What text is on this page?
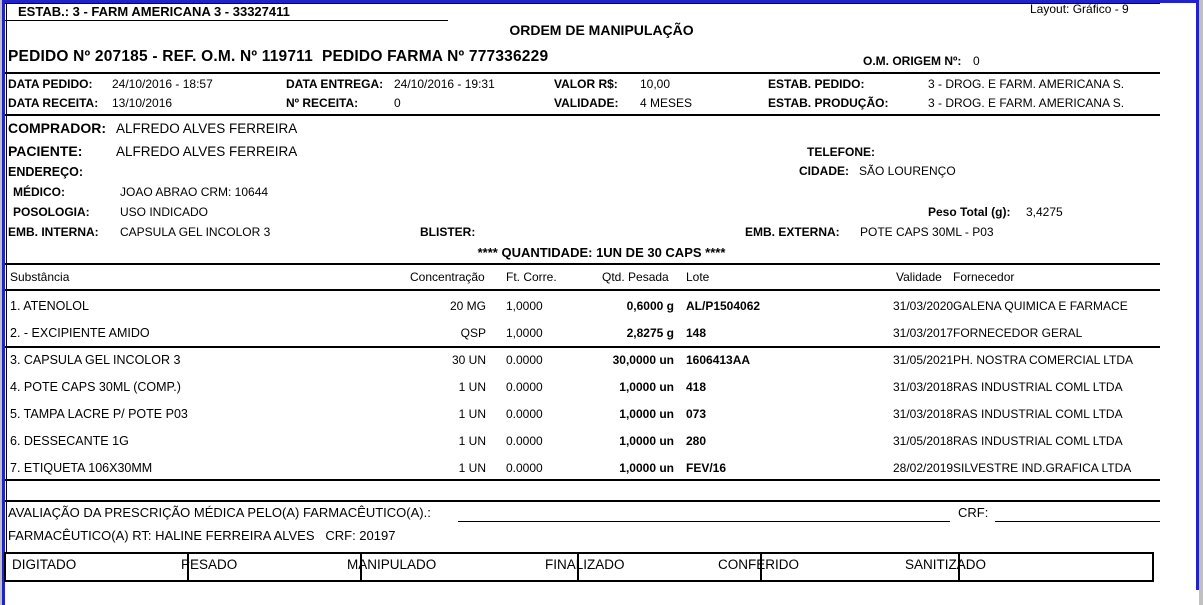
ESTAB.: 3 - FARM AMERICANA 3 - 33327411	Layout: Gráfico - 9
ORDEM DE MANIPULAÇÃO
PEDIDO Nº 207185 - REF. O.M. Nº 119711  PEDIDO FARMA Nº 777336229	O.M. ORIGEM Nº: 0
DATA PEDIDO: 24/10/2016 - 18:57	DATA ENTREGA: 24/10/2016 - 19:31	VALOR R$: 10,00	ESTAB. PEDIDO:	3 - DROG. E FARM. AMERICANA S.
DATA RECEITA: 13/10/2016	Nº RECEITA:	0	VALIDADE: 4 MESES	ESTAB. PRODUÇÃO:	3 - DROG. E FARM. AMERICANA S.
COMPRADOR: ALFREDO ALVES FERREIRA
PACIENTE: ALFREDO ALVES FERREIRA	TELEFONE:
ENDEREÇO:	CIDADE: SÃO LOURENÇO
MÉDICO:	JOAO ABRAO CRM: 10644
POSOLOGIA:	USO INDICADO	Peso Total (g): 3,4275
EMB. INTERNA: CAPSULA GEL INCOLOR 3	BLISTER:	EMB. EXTERNA: POTE CAPS 30ML - P03
**** QUANTIDADE: 1UN DE 30 CAPS ****
Substância	Concentração Ft. Corre.	Qtd. Pesada Lote	Validade Fornecedor
1. ATENOLOL	20 MG 1,0000	0,6000 g AL/P1504062	31/03/2020 GALENA QUIMICA E FARMACE
2. - EXCIPIENTE AMIDO	QSP 1,0000	2,8275 g 148	31/03/2017 FORNECEDOR GERAL
3. CAPSULA GEL INCOLOR 3	30 UN 0.0000	30,0000 un 1606413AA	31/05/2021 PH. NOSTRA COMERCIAL LTDA
4. POTE CAPS 30ML (COMP.)	1 UN 0.0000	1,0000 un 418	31/03/2018 RAS INDUSTRIAL COML LTDA
5. TAMPA LACRE P/ POTE P03	1 UN 0.0000	1,0000 un 073	31/03/2018 RAS INDUSTRIAL COML LTDA
6. DESSECANTE 1G	1 UN 0.0000	1,0000 un 280	31/05/2018 RAS INDUSTRIAL COML LTDA
7. ETIQUETA 106X30MM	1 UN 0.0000	1,0000 un FEV/16	28/02/2019 SILVESTRE IND.GRAFICA LTDA
AVALIAÇÃO DA PRESCRIÇÃO MÉDICA PELO(A) FARMACÊUTICO(A).:	CRF:
FARMACÊUTICO(A) RT: HALINE FERREIRA ALVES   CRF: 20197
DIGITADO	PESADO	MANIPULADO	FINALIZADO	CONFERIDO	SANITIZADO
